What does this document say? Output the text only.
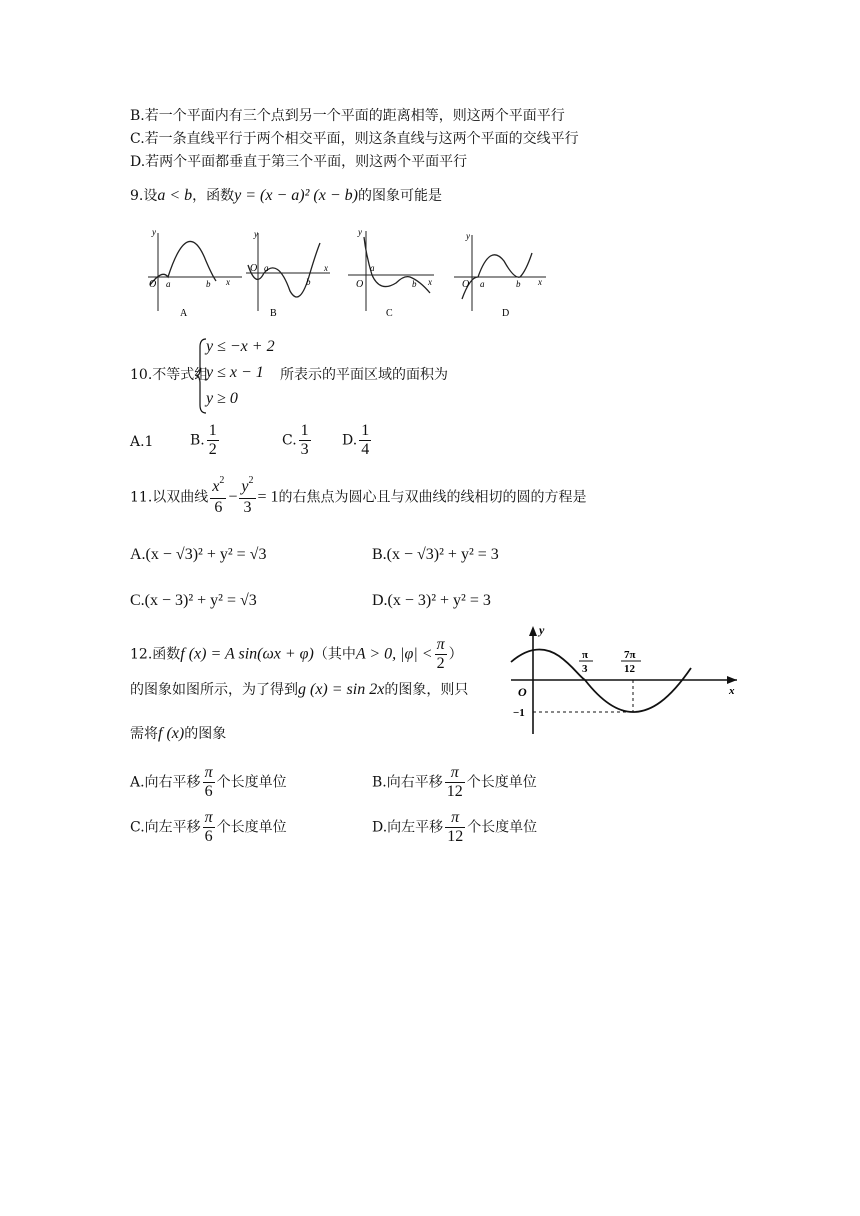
B.若一个平面内有三个点到另一个平面的距离相等，则这两个平面平行
C.若一条直线平行于两个相交平面，则这条直线与这两个平面的交线平行
D.若两个平面都垂直于第三个平面，则这两个平面平行
9.设a < b，函数y = (x − a)² (x − b)的图象可能是
y
O a	b x
A
y
O a
b
x
B
y
O
a
b x
C
y
O a	b x
D
10.不等式组
y ≤ −x + 2
y ≤ x − 1
y ≥ 0
所表示的平面区域的面积为
A.1	B. $\frac{1}{2}$	C. $\frac{1}{3} D$. $\frac{1}{4}$
11.以双曲线 $\frac{x^2}{6} - \frac{y^2}{3} = 1$的右焦点为圆心且与双曲线的线相切的圆的方程是
A.(x − √3)² + y² = √3	B.(x − √3)² + y² = 3
C.(x − 3)² + y² = √3	D.(x − 3)² + y² = 3
12.函数f (x) = A sin(ωx + φ)（其中A > 0, $|\varphi| < \frac{\pi}{2}$ ）
的图象如图所示，为了得到g (x) = sin 2x的图象，则只
需将f (x)的图象
y
x
O
−1
π
3
7π
12
A.向右平移 $\frac{\pi}{6}$ 个长度单位	B.向右平移 $\frac{\pi}{12}$ 个长度单位
C.向左平移 $\frac{\pi}{6}$ 个长度单位	D.向左平移 $\frac{\pi}{12}$ 个长度单位
